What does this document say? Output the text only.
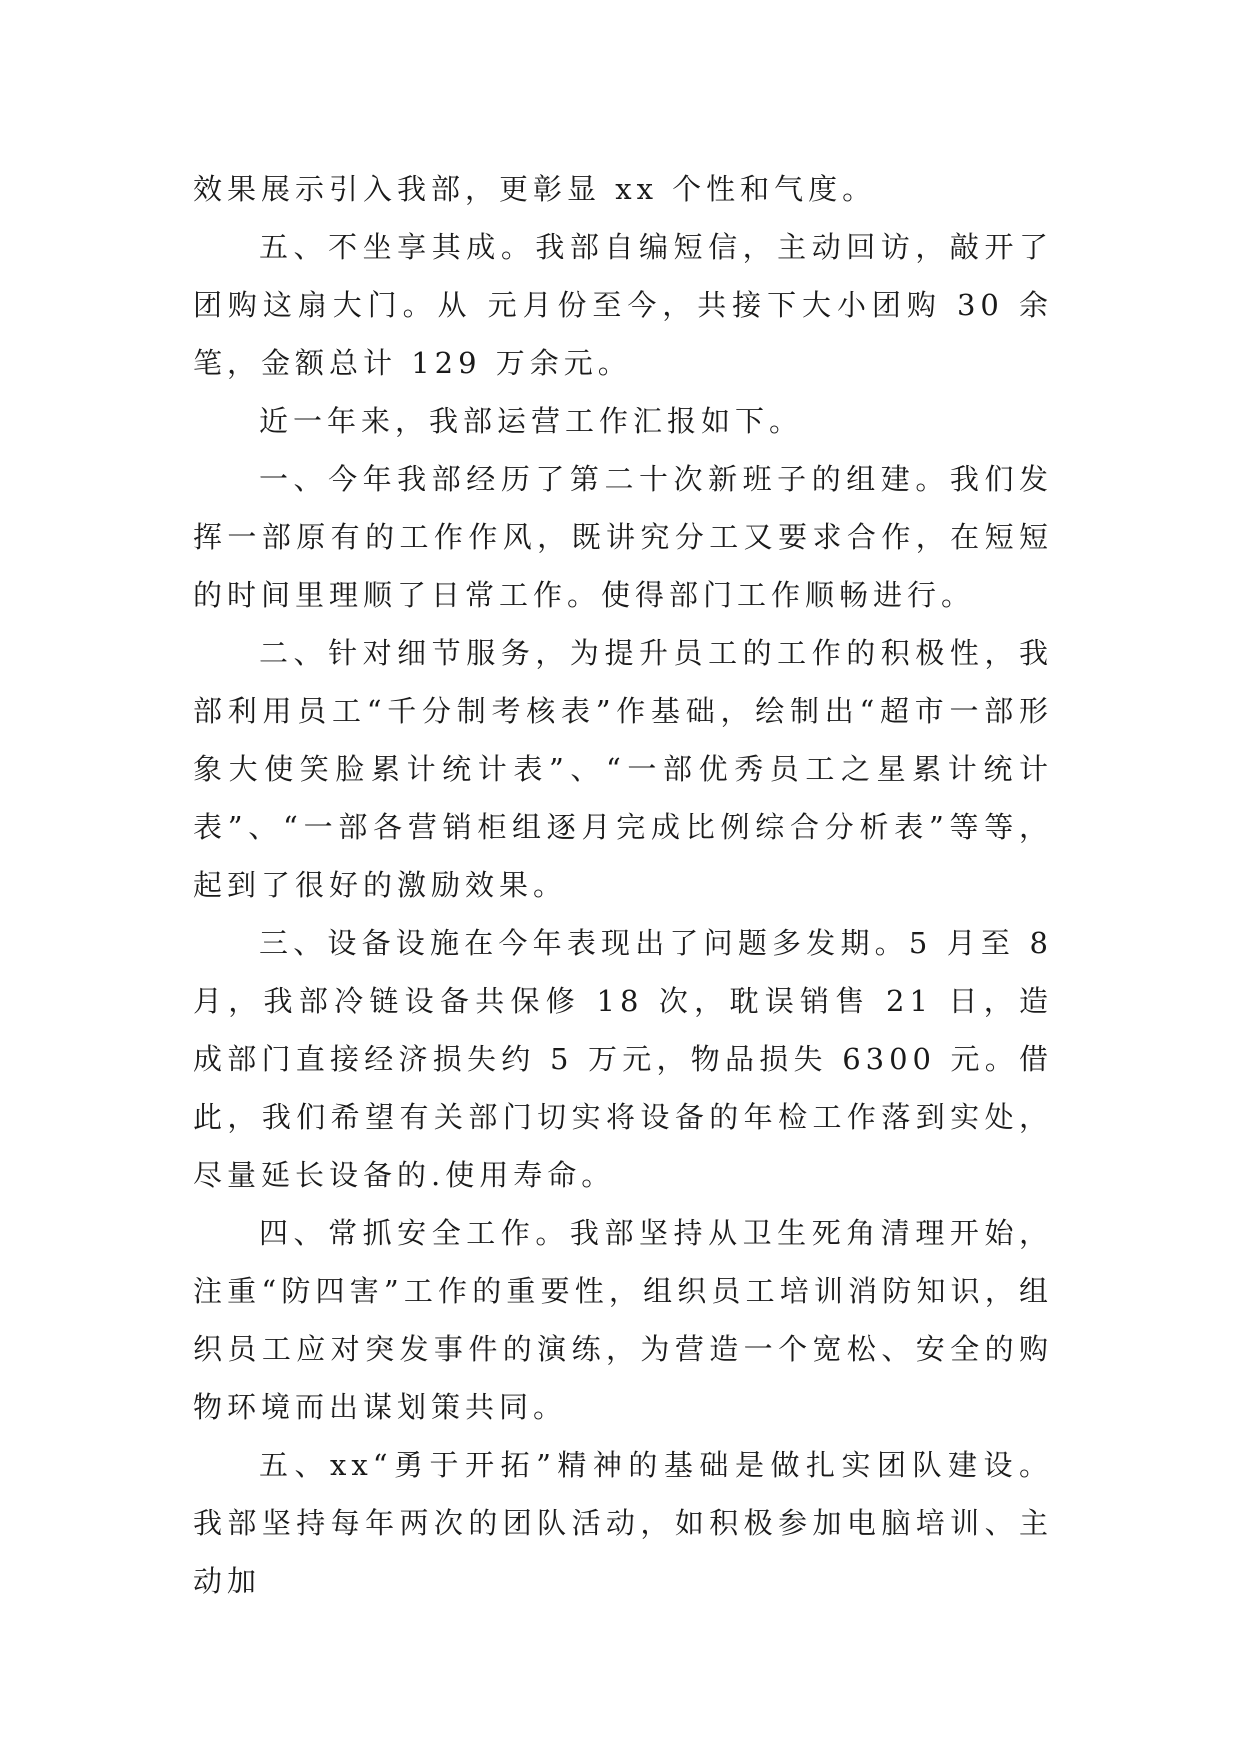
效果展示引入我部，更彰显 xx 个性和气度。

五、不坐享其成。我部自编短信，主动回访，敲开了团购这扇大门。从 元月份至今，共接下大小团购 30 余笔，金额总计 129 万余元。

近一年来，我部运营工作汇报如下。

一、今年我部经历了第二十次新班子的组建。我们发挥一部原有的工作作风，既讲究分工又要求合作，在短短的时间里理顺了日常工作。使得部门工作顺畅进行。

二、针对细节服务，为提升员工的工作的积极性，我部利用员工“千分制考核表”作基础，绘制出“超市一部形象大使笑脸累计统计表”、“一部优秀员工之星累计统计表”、“一部各营销柜组逐月完成比例综合分析表”等等，起到了很好的激励效果。

三、设备设施在今年表现出了问题多发期。5 月至 8 月，我部冷链设备共保修 18 次，耽误销售 21 日，造成部门直接经济损失约 5 万元，物品损失 6300 元。借此，我们希望有关部门切实将设备的年检工作落到实处，尽量延长设备的.使用寿命。

四、常抓安全工作。我部坚持从卫生死角清理开始，注重“防四害”工作的重要性，组织员工培训消防知识，组织员工应对突发事件的演练，为营造一个宽松、安全的购物环境而出谋划策共同。

五、xx“勇于开拓”精神的基础是做扎实团队建设。我部坚持每年两次的团队活动，如积极参加电脑培训、主动加
